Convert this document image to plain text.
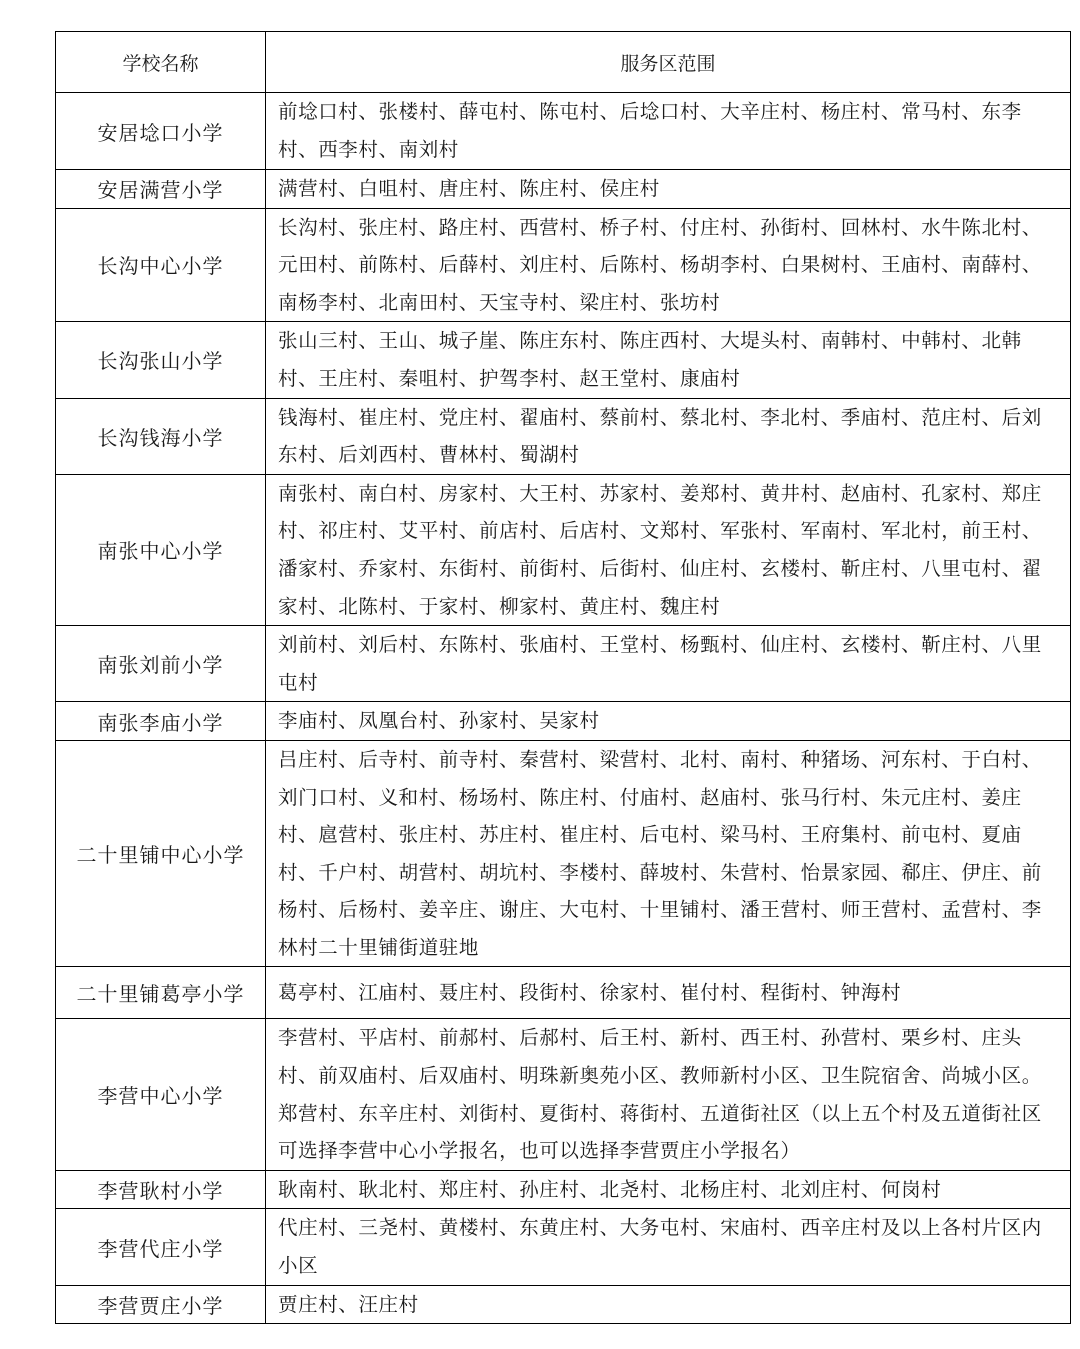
学校名称	服务区范围
安居埝口小学	前埝口村、张楼村、薛屯村、陈屯村、后埝口村、大辛庄村、杨庄村、常马村、东李村、西李村、南刘村
安居满营小学	满营村、白咀村、唐庄村、陈庄村、侯庄村
长沟中心小学	长沟村、张庄村、路庄村、西营村、桥子村、付庄村、孙街村、回林村、水牛陈北村、元田村、前陈村、后薛村、刘庄村、后陈村、杨胡李村、白果树村、王庙村、南薛村、南杨李村、北南田村、天宝寺村、梁庄村、张坊村
长沟张山小学	张山三村、王山、城子崖、陈庄东村、陈庄西村、大堤头村、南韩村、中韩村、北韩村、王庄村、秦咀村、护驾李村、赵王堂村、康庙村
长沟钱海小学	钱海村、崔庄村、党庄村、翟庙村、蔡前村、蔡北村、李北村、季庙村、范庄村、后刘东村、后刘西村、曹林村、蜀湖村
南张中心小学	南张村、南白村、房家村、大王村、苏家村、姜郑村、黄井村、赵庙村、孔家村、郑庄村、祁庄村、艾平村、前店村、后店村、文郑村、军张村、军南村、军北村，前王村、潘家村、乔家村、东街村、前街村、后街村、仙庄村、玄楼村、靳庄村、八里屯村、翟家村、北陈村、于家村、柳家村、黄庄村、魏庄村
南张刘前小学	刘前村、刘后村、东陈村、张庙村、王堂村、杨甄村、仙庄村、玄楼村、靳庄村、八里屯村
南张李庙小学	李庙村、凤凰台村、孙家村、吴家村
二十里铺中心小学	吕庄村、后寺村、前寺村、秦营村、梁营村、北村、南村、种猪场、河东村、于白村、刘门口村、义和村、杨场村、陈庄村、付庙村、赵庙村、张马行村、朱元庄村、姜庄村、扈营村、张庄村、苏庄村、崔庄村、后屯村、梁马村、王府集村、前屯村、夏庙村、千户村、胡营村、胡坑村、李楼村、薛坡村、朱营村、怡景家园、郗庄、伊庄、前杨村、后杨村、姜辛庄、谢庄、大屯村、十里铺村、潘王营村、师王营村、孟营村、李林村二十里铺街道驻地
二十里铺葛亭小学	葛亭村、江庙村、聂庄村、段街村、徐家村、崔付村、程街村、钟海村
李营中心小学	李营村、平店村、前郝村、后郝村、后王村、新村、西王村、孙营村、栗乡村、庄头村、前双庙村、后双庙村、明珠新奥苑小区、教师新村小区、卫生院宿舍、尚城小区。郑营村、东辛庄村、刘街村、夏街村、蒋街村、五道街社区（以上五个村及五道街社区可选择李营中心小学报名，也可以选择李营贾庄小学报名）
李营耿村小学	耿南村、耿北村、郑庄村、孙庄村、北尧村、北杨庄村、北刘庄村、何岗村
李营代庄小学	代庄村、三尧村、黄楼村、东黄庄村、大务屯村、宋庙村、西辛庄村及以上各村片区内小区
李营贾庄小学	贾庄村、汪庄村
